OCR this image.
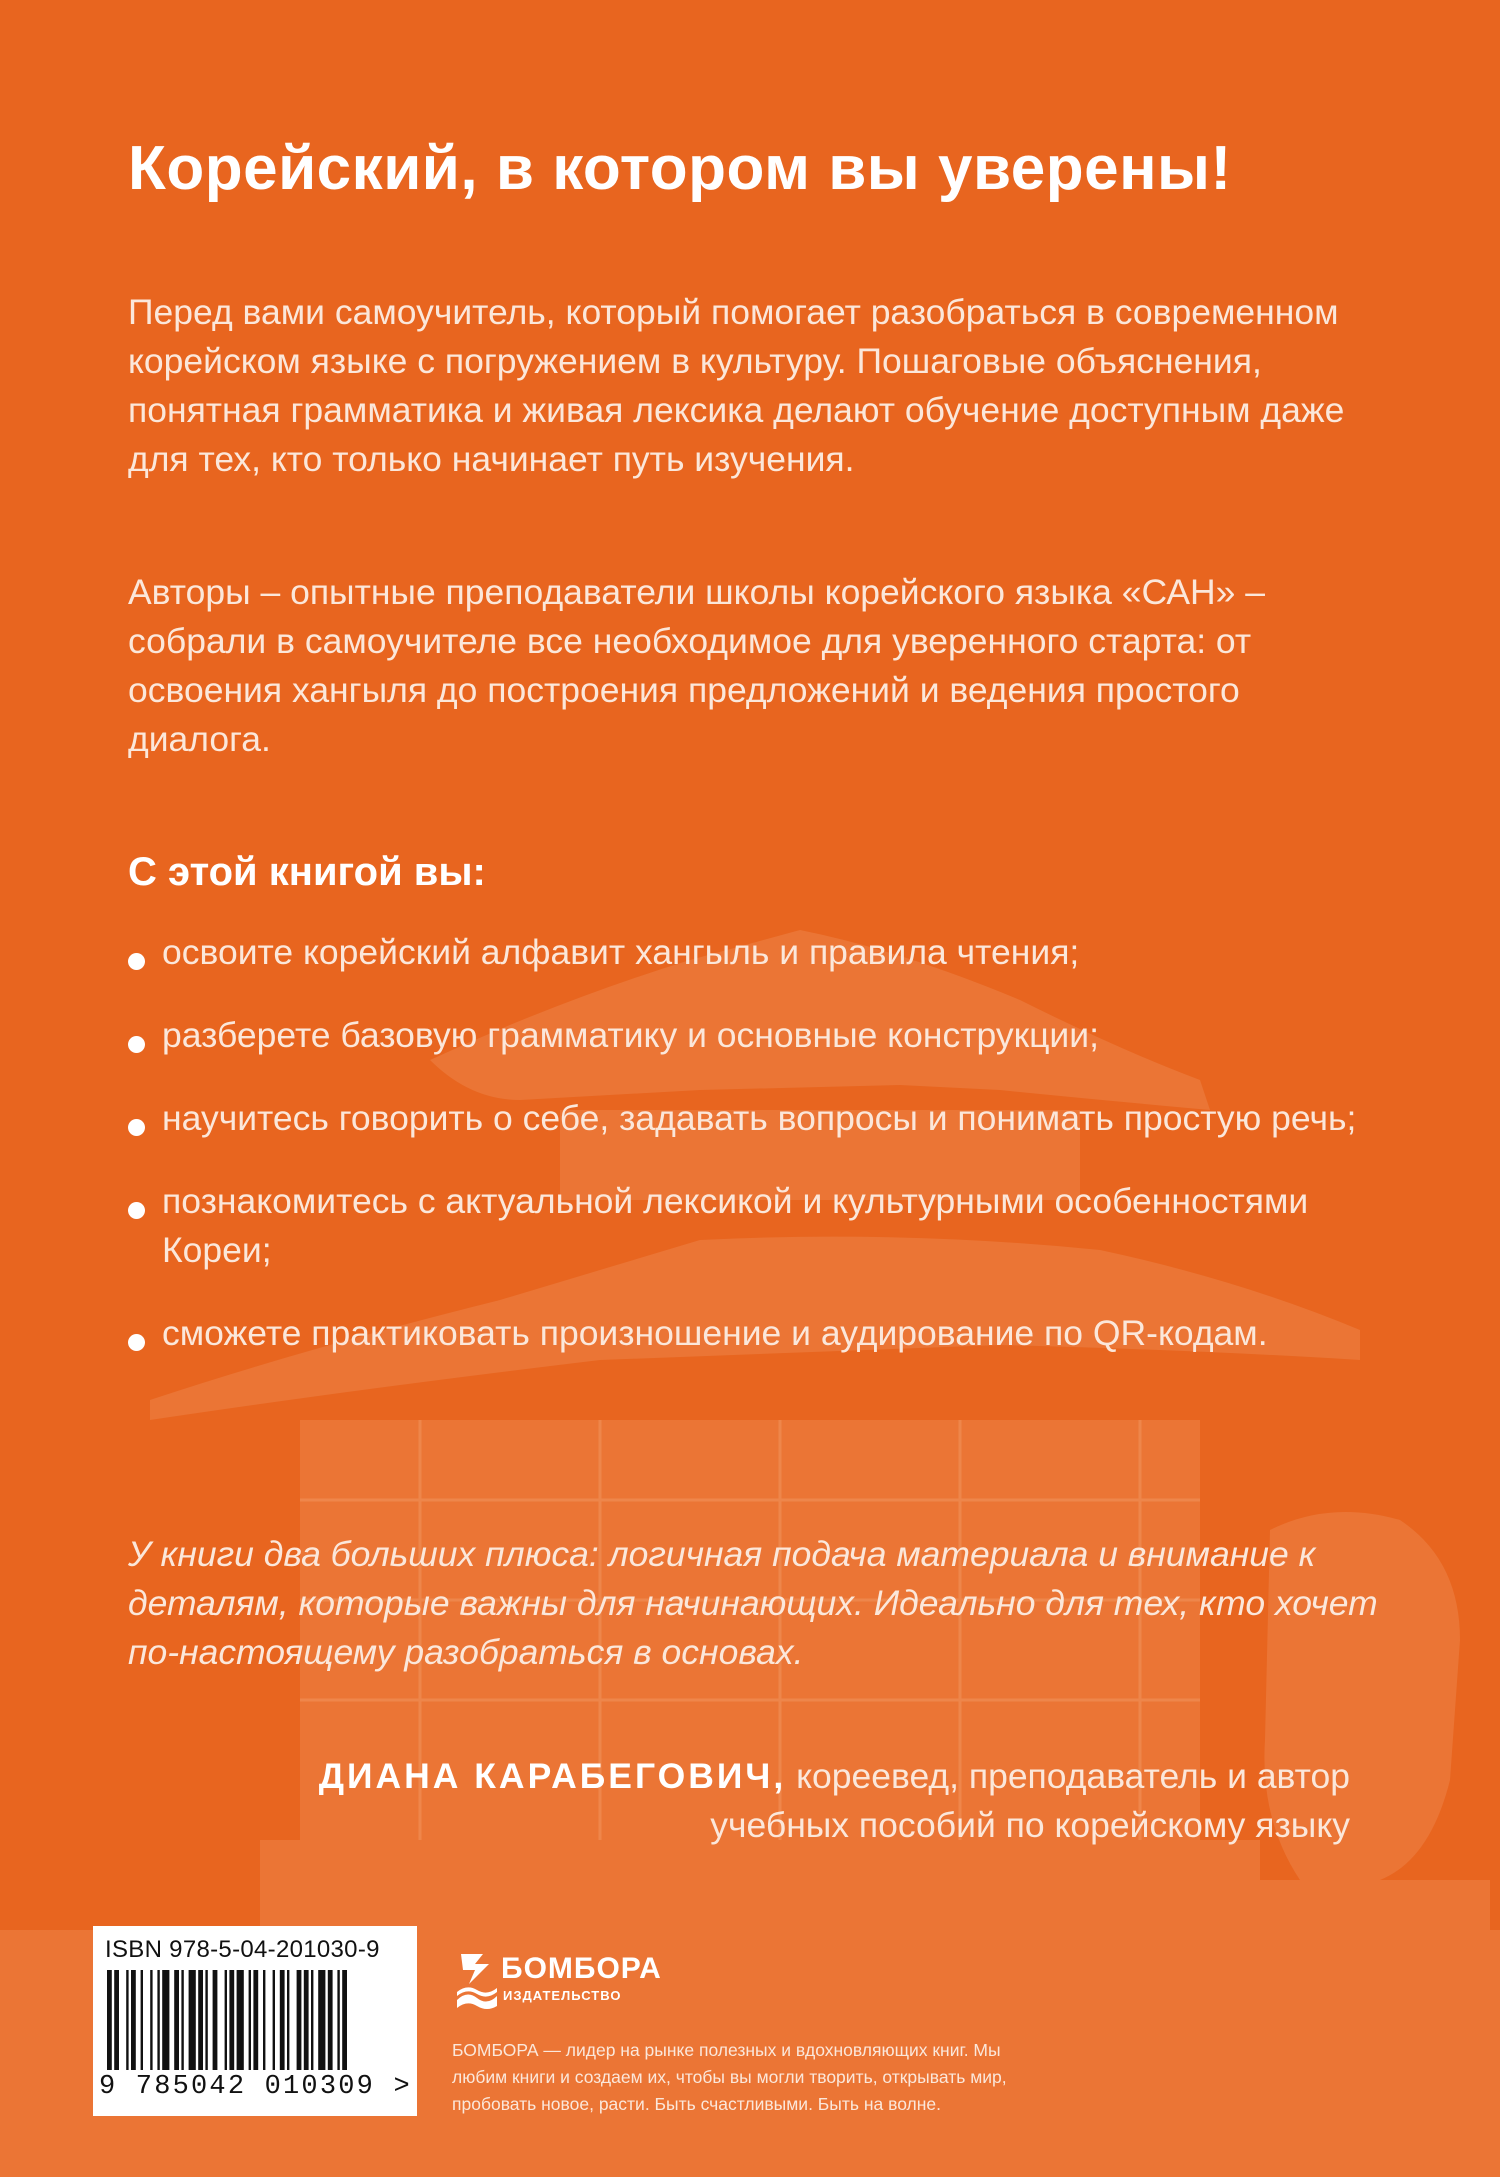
Корейский, в котором вы уверены!

Перед вами самоучитель, который помогает разобраться в современном корейском языке с погружением в культуру. Пошаговые объяснения, понятная грамматика и живая лексика делают обучение доступным даже для тех, кто только начинает путь изучения.

Авторы – опытные преподаватели школы корейского языка «САН» – собрали в самоучителе все необходимое для уверенного старта: от освоения хангыля до построения предложений и ведения простого диалога.

С этой книгой вы:
освоите корейский алфавит хангыль и правила чтения;
разберете базовую грамматику и основные конструкции;
научитесь говорить о себе, задавать вопросы и понимать простую речь;
познакомитесь с актуальной лексикой и культурными особенностями Кореи;
сможете практиковать произношение и аудирование по QR-кодам.

У книги два больших плюса: логичная подача материала и внимание к деталям, которые важны для начинающих. Идеально для тех, кто хочет по-настоящему разобраться в основах.

ДИАНА КАРАБЕГОВИЧ, кореевед, преподаватель и автор учебных пособий по корейскому языку

ISBN 978-5-04-201030-9
9 785042 010309 >
БОМБОРА
ИЗДАТЕЛЬСТВО

БОМБОРА — лидер на рынке полезных и вдохновляющих книг. Мы любим книги и создаем их, чтобы вы могли творить, открывать мир, пробовать новое, расти. Быть счастливыми. Быть на волне.
